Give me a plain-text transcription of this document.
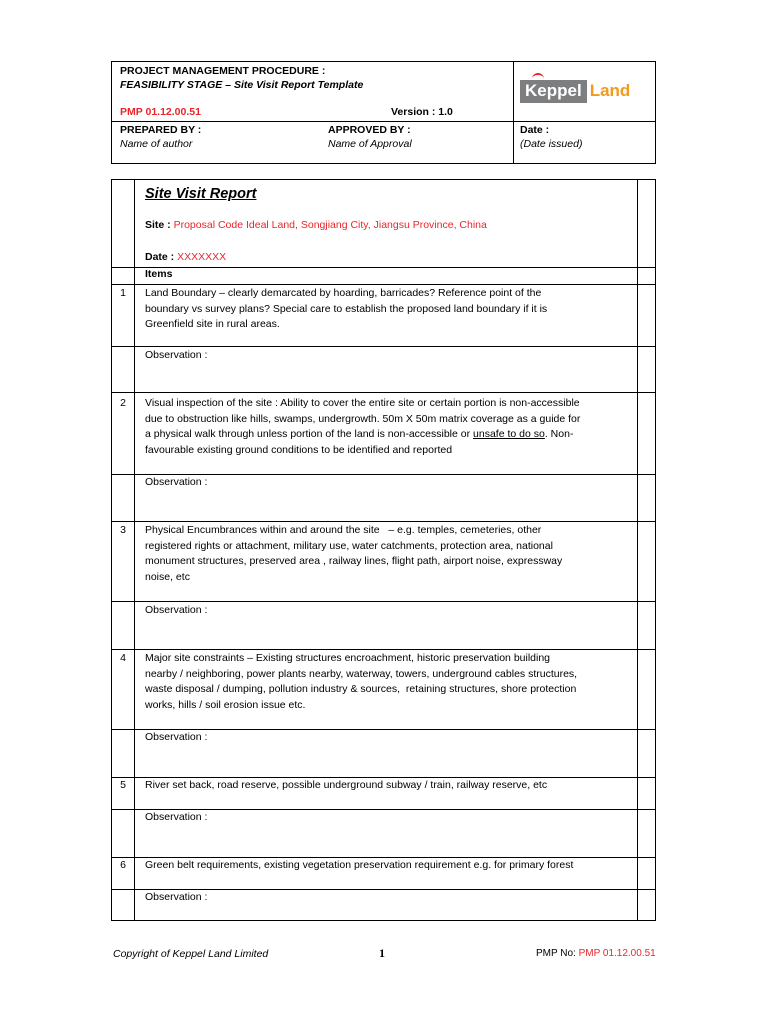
PROJECT MANAGEMENT PROCEDURE :
FEASIBILITY STAGE – Site Visit Report Template
PMP 01.12.00.51	Version : 1.0
PREPARED BY :
Name of author
APPROVED BY :
Name of Approval
Date :
(Date issued)
Keppel Land
Site Visit Report
Site : Proposal Code Ideal Land, Songjiang City, Jiangsu Province, China
Date : XXXXXXX
Items
1	Land Boundary – clearly demarcated by hoarding, barricades? Reference point of the
boundary vs survey plans? Special care to establish the proposed land boundary if it is
Greenfield site in rural areas.
Observation :
2	Visual inspection of the site : Ability to cover the entire site or certain portion is non-accessible
due to obstruction like hills, swamps, undergrowth. 50m X 50m matrix coverage as a guide for
a physical walk through unless portion of the land is non-accessible or unsafe to do so. Non-
favourable existing ground conditions to be identified and reported
Observation :
3	Physical Encumbrances within and around the site   – e.g. temples, cemeteries, other
registered rights or attachment, military use, water catchments, protection area, national
monument structures, preserved area , railway lines, flight path, airport noise, expressway
noise, etc
Observation :
4	Major site constraints – Existing structures encroachment, historic preservation building
nearby / neighboring, power plants nearby, waterway, towers, underground cables structures,
waste disposal / dumping, pollution industry & sources,  retaining structures, shore protection
works, hills / soil erosion issue etc.
Observation :
5	River set back, road reserve, possible underground subway / train, railway reserve, etc
Observation :
6	Green belt requirements, existing vegetation preservation requirement e.g. for primary forest
Observation :
Copyright of Keppel Land Limited	1	PMP No: PMP 01.12.00.51
